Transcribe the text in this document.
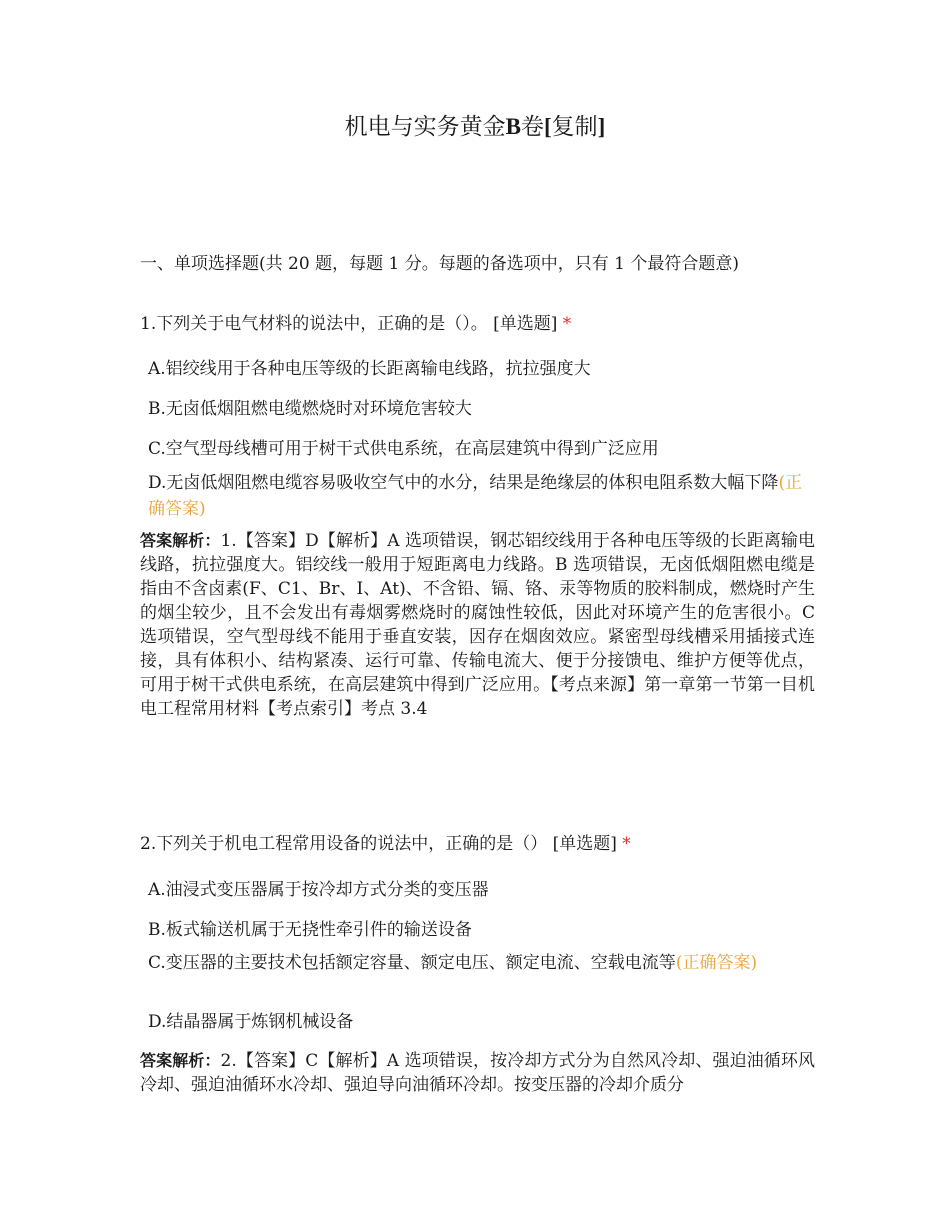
机电与实务黄金B卷[复制]
一、单项选择题(共 20 题，每题 1 分。每题的备选项中，只有 1 个最符合题意)
1.下列关于电气材料的说法中，正确的是（）。 [单选题] *
A.铝绞线用于各种电压等级的长距离输电线路，抗拉强度大
B.无卤低烟阻燃电缆燃烧时对环境危害较大
C.空气型母线槽可用于树干式供电系统，在高层建筑中得到广泛应用
D.无卤低烟阻燃电缆容易吸收空气中的水分，结果是绝缘层的体积电阻系数大幅下降(正确答案)
答案解析：1.【答案】D【解析】A 选项错误，钢芯铝绞线用于各种电压等级的长距离输电线路，抗拉强度大。铝绞线一般用于短距离电力线路。B 选项错误，无卤低烟阻燃电缆是指由不含卤素(F、C1、Br、I、At)、不含铅、镉、铬、汞等物质的胶料制成，燃烧时产生的烟尘较少，且不会发出有毒烟雾燃烧时的腐蚀性较低，因此对环境产生的危害很小。C 选项错误，空气型母线不能用于垂直安装，因存在烟囱效应。紧密型母线槽采用插接式连接，具有体积小、结构紧凑、运行可靠、传输电流大、便于分接馈电、维护方便等优点，可用于树干式供电系统，在高层建筑中得到广泛应用。【考点来源】第一章第一节第一目机电工程常用材料【考点索引】考点 3.4
2.下列关于机电工程常用设备的说法中，正确的是（） [单选题] *
A.油浸式变压器属于按冷却方式分类的变压器
B.板式输送机属于无挠性牵引件的输送设备
C.变压器的主要技术包括额定容量、额定电压、额定电流、空载电流等(正确答案)
D.结晶器属于炼钢机械设备
答案解析：2.【答案】C【解析】A 选项错误，按冷却方式分为自然风冷却、强迫油循环风冷却、强迫油循环水冷却、强迫导向油循环冷却。按变压器的冷却介质分
